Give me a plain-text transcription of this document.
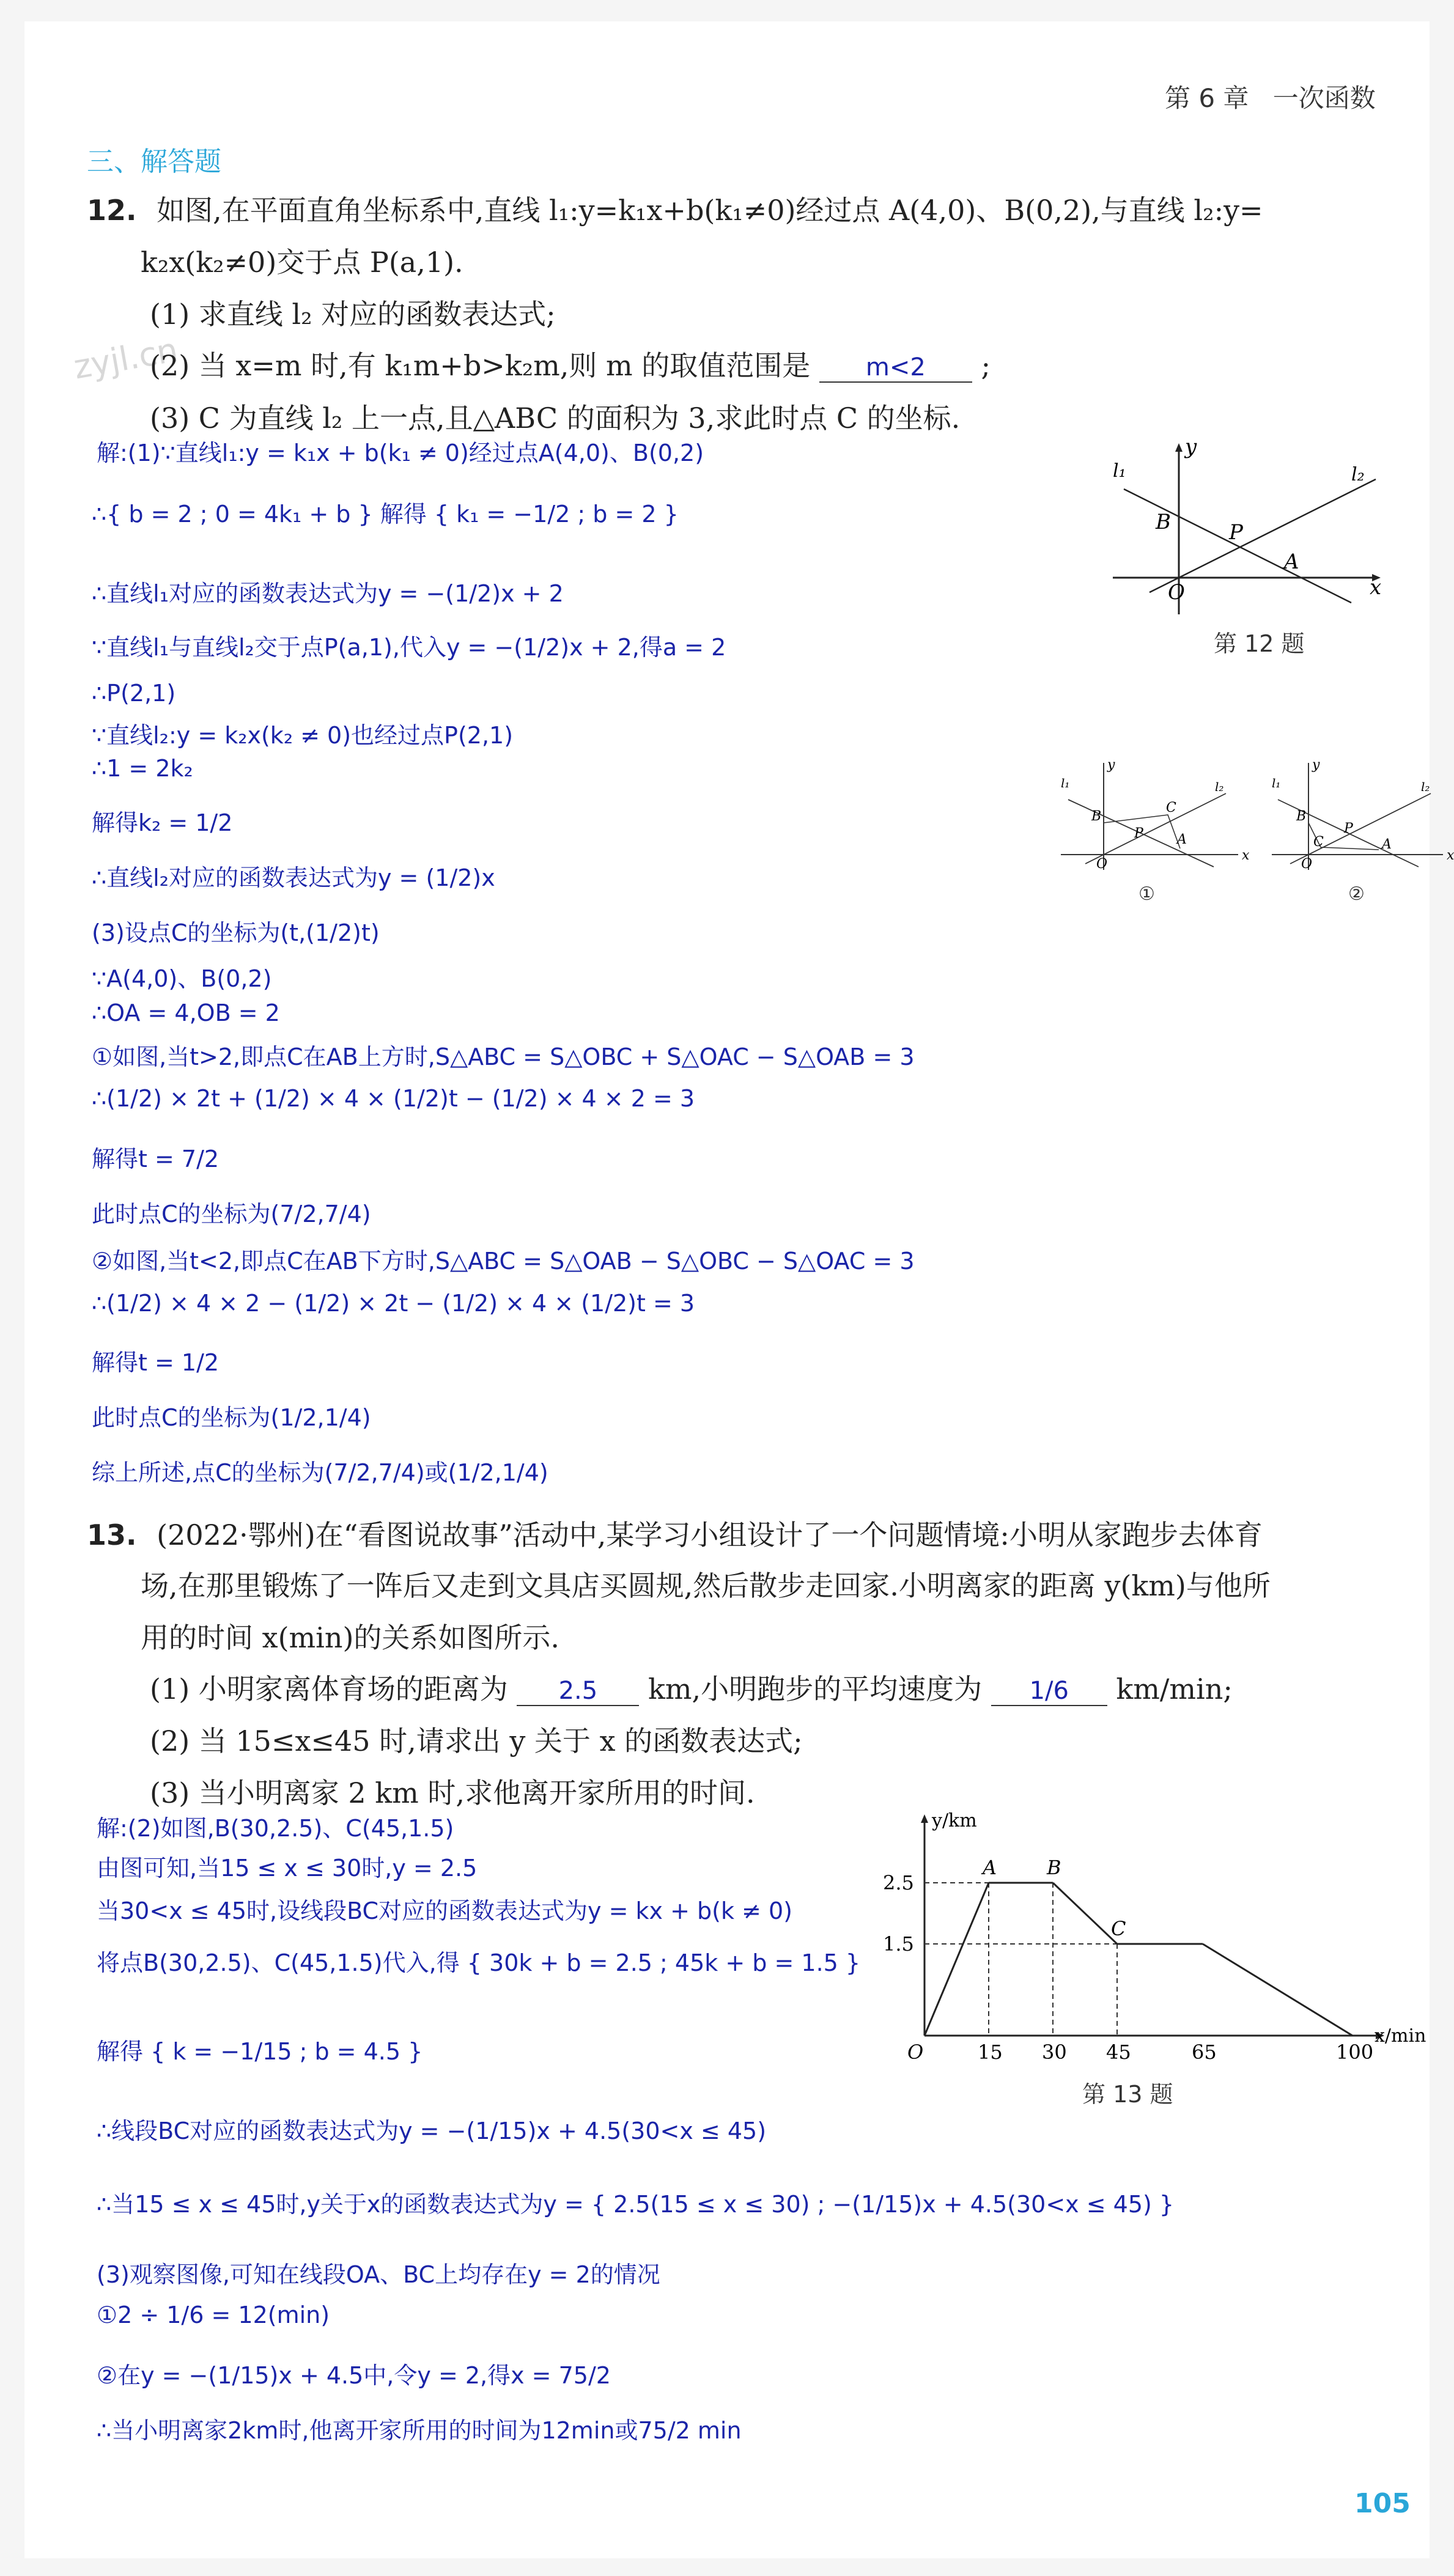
第 6 章 一次函数
三、解答题
zyjl.cn
12. 如图,在平面直角坐标系中,直线 l₁:y=k₁x+b(k₁≠0)经过点 A(4,0)、B(0,2),与直线 l₂:y=
k₂x(k₂≠0)交于点 P(a,1).
(1) 求直线 l₂ 对应的函数表达式;
(2) 当 x=m 时,有 k₁m+b>k₂m,则 m 的取值范围是 m<2 ;
(3) C 为直线 l₂ 上一点,且△ABC 的面积为 3,求此时点 C 的坐标.
解:(1)∵直线l₁:y = k₁x + b(k₁ ≠ 0)经过点A(4,0)、B(0,2)
∴{ b = 2 ; 0 = 4k₁ + b } 解得 { k₁ = −1/2 ; b = 2 }
∴直线l₁对应的函数表达式为y = −(1/2)x + 2
∵直线l₁与直线l₂交于点P(a,1),代入y = −(1/2)x + 2,得a = 2
∴P(2,1)
∵直线l₂:y = k₂x(k₂ ≠ 0)也经过点P(2,1)
∴1 = 2k₂
解得k₂ = 1/2
∴直线l₂对应的函数表达式为y = (1/2)x
(3)设点C的坐标为(t,(1/2)t)
∵A(4,0)、B(0,2)
∴OA = 4,OB = 2
①如图,当t>2,即点C在AB上方时,S△ABC = S△OBC + S△OAC − S△OAB = 3
∴(1/2) × 2t + (1/2) × 4 × (1/2)t − (1/2) × 4 × 2 = 3
解得t = 7/2
此时点C的坐标为(7/2,7/4)
②如图,当t<2,即点C在AB下方时,S△ABC = S△OAB − S△OBC − S△OAC = 3
∴(1/2) × 4 × 2 − (1/2) × 2t − (1/2) × 4 × (1/2)t = 3
解得t = 1/2
此时点C的坐标为(1/2,1/4)
综上所述,点C的坐标为(7/2,7/4)或(1/2,1/4)
x
y
O
B	P
A
l₁	l₂
第 12 题
x
y
O
B
C
P	A
l₁	l₂
①
x
y
O
B
C
P
A
l₁	l₂
②
13. (2022·鄂州)在“看图说故事”活动中,某学习小组设计了一个问题情境:小明从家跑步去体育
场,在那里锻炼了一阵后又走到文具店买圆规,然后散步走回家.小明离家的距离 y(km)与他所
用的时间 x(min)的关系如图所示.
(1) 小明家离体育场的距离为 2.5 km,小明跑步的平均速度为 1/6 km/min;
(2) 当 15≤x≤45 时,请求出 y 关于 x 的函数表达式;
(3) 当小明离家 2 km 时,求他离开家所用的时间.
解:(2)如图,B(30,2.5)、C(45,1.5)
由图可知,当15 ≤ x ≤ 30时,y = 2.5
当30<x ≤ 45时,设线段BC对应的函数表达式为y = kx + b(k ≠ 0)
将点B(30,2.5)、C(45,1.5)代入,得 { 30k + b = 2.5 ; 45k + b = 1.5 }
解得 { k = −1/15 ; b = 4.5 }
∴线段BC对应的函数表达式为y = −(1/15)x + 4.5(30<x ≤ 45)
∴当15 ≤ x ≤ 45时,y关于x的函数表达式为y = { 2.5(15 ≤ x ≤ 30) ; −(1/15)x + 4.5(30<x ≤ 45) }
(3)观察图像,可知在线段OA、BC上均存在y = 2的情况
①2 ÷ 1/6 = 12(min)
②在y = −(1/15)x + 4.5中,令y = 2,得x = 75/2
∴当小明离家2km时,他离开家所用的时间为12min或75/2 min
y/km
x/min
O
1.5
2.5
15 30 45	65	100
A	B
C
第 13 题
105
